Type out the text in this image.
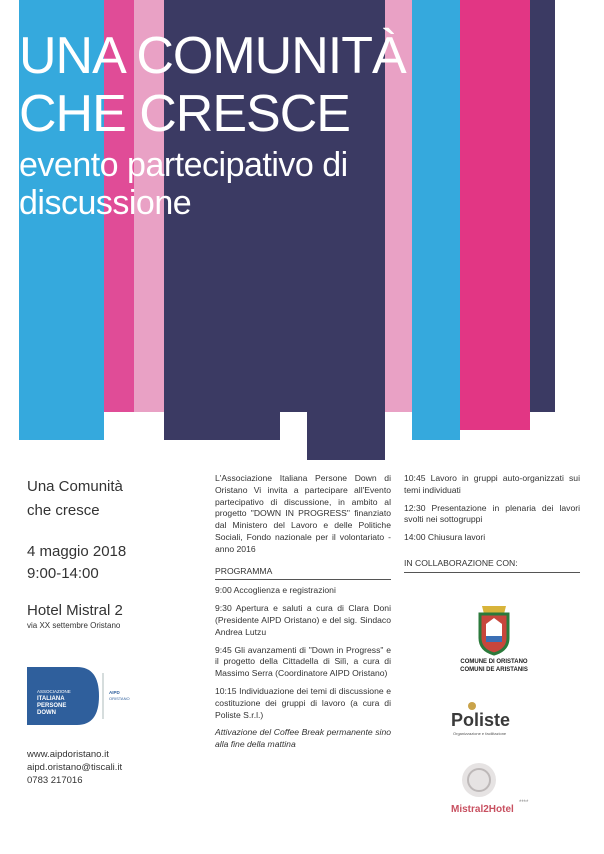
UNA COMUNITÀ
CHE CRESCE
evento partecipativo di
discussione
Una Comunità
che cresce
4 maggio 2018
9:00-14:00
Hotel Mistral 2
via XX settembre Oristano
ASSOCIAZIONE
ITALIANA
PERSONE
DOWN
AIPD
ORISTANO
www.aipdoristano.it
aipd.oristano@tiscali.it
0783 217016
L'Associazione Italiana Persone Down di Oristano Vi invita a partecipare all'Evento partecipativo di discussione, in ambito al progetto "DOWN IN PROGRESS" finanziato dal Ministero del Lavoro e delle Politiche Sociali, Fondo nazionale per il volontariato - anno 2016
PROGRAMMA
9:00 Accoglienza e registrazioni
9:30 Apertura e saluti a cura di Clara Doni (Presidente AIPD Oristano) e del sig. Sindaco Andrea Lutzu
9:45 Gli avanzamenti di "Down in Progress" e il progetto della Cittadella di Silì, a cura di Massimo Serra (Coordinatore AIPD Oristano)
10:15 Individuazione dei temi di discussione e costituzione dei gruppi di lavoro (a cura di Poliste S.r.l.)
Attivazione del Coffee Break permanente sino alla fine della mattina
10:45 Lavoro in gruppi auto-organizzati sui temi individuati
12:30 Presentazione in plenaria dei lavori svolti nei sottogruppi
14:00 Chiusura lavori
IN COLLABORAZIONE CON:
COMUNE DI ORISTANO
COMUNI DE ARISTANIS
Poliste
Organizzazione e facilitazione
Mistral2Hotel
****
